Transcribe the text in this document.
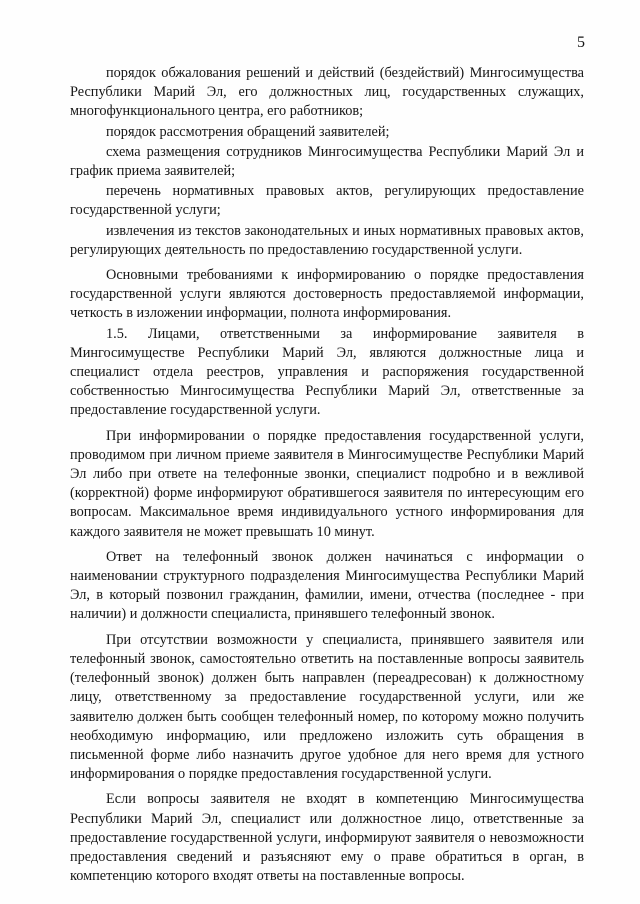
5

порядок обжалования решений и действий (бездействий) Мингосимущества Республики Марий Эл, его должностных лиц, государственных служащих, многофункционального центра, его работников;

порядок рассмотрения обращений заявителей;

схема размещения сотрудников Мингосимущества Республики Марий Эл и график приема заявителей;

перечень нормативных правовых актов, регулирующих предоставление государственной услуги;

извлечения из текстов законодательных и иных нормативных правовых актов, регулирующих деятельность по предоставлению государственной услуги.

Основными требованиями к информированию о порядке предоставления государственной услуги являются достоверность предоставляемой информации, четкость в изложении информации, полнота информирования.

1.5. Лицами, ответственными за информирование заявителя в Мингосимуществе Республики Марий Эл, являются должностные лица и специалист отдела реестров, управления и распоряжения государственной собственностью Мингосимущества Республики Марий Эл, ответственные за предоставление государственной услуги.

При информировании о порядке предоставления государственной услуги, проводимом при личном приеме заявителя в Мингосимуществе Республики Марий Эл либо при ответе на телефонные звонки, специалист подробно и в вежливой (корректной) форме информируют обратившегося заявителя по интересующим его вопросам. Максимальное время индивидуального устного информирования для каждого заявителя не может превышать 10 минут.

Ответ на телефонный звонок должен начинаться с информации о наименовании структурного подразделения Мингосимущества Республики Марий Эл, в который позвонил гражданин, фамилии, имени, отчества (последнее - при наличии) и должности специалиста, принявшего телефонный звонок.

При отсутствии возможности у специалиста, принявшего заявителя или телефонный звонок, самостоятельно ответить на поставленные вопросы заявитель (телефонный звонок) должен быть направлен (переадресован) к должностному лицу, ответственному за предоставление государственной услуги, или же заявителю должен быть сообщен телефонный номер, по которому можно получить необходимую информацию, или предложено изложить суть обращения в письменной форме либо назначить другое удобное для него время для устного информирования о порядке предоставления государственной услуги.

Если вопросы заявителя не входят в компетенцию Мингосимущества Республики Марий Эл, специалист или должностное лицо, ответственные за предоставление государственной услуги, информируют заявителя о невозможности предоставления сведений и разъясняют ему о праве обратиться в орган, в компетенцию которого входят ответы на поставленные вопросы.
